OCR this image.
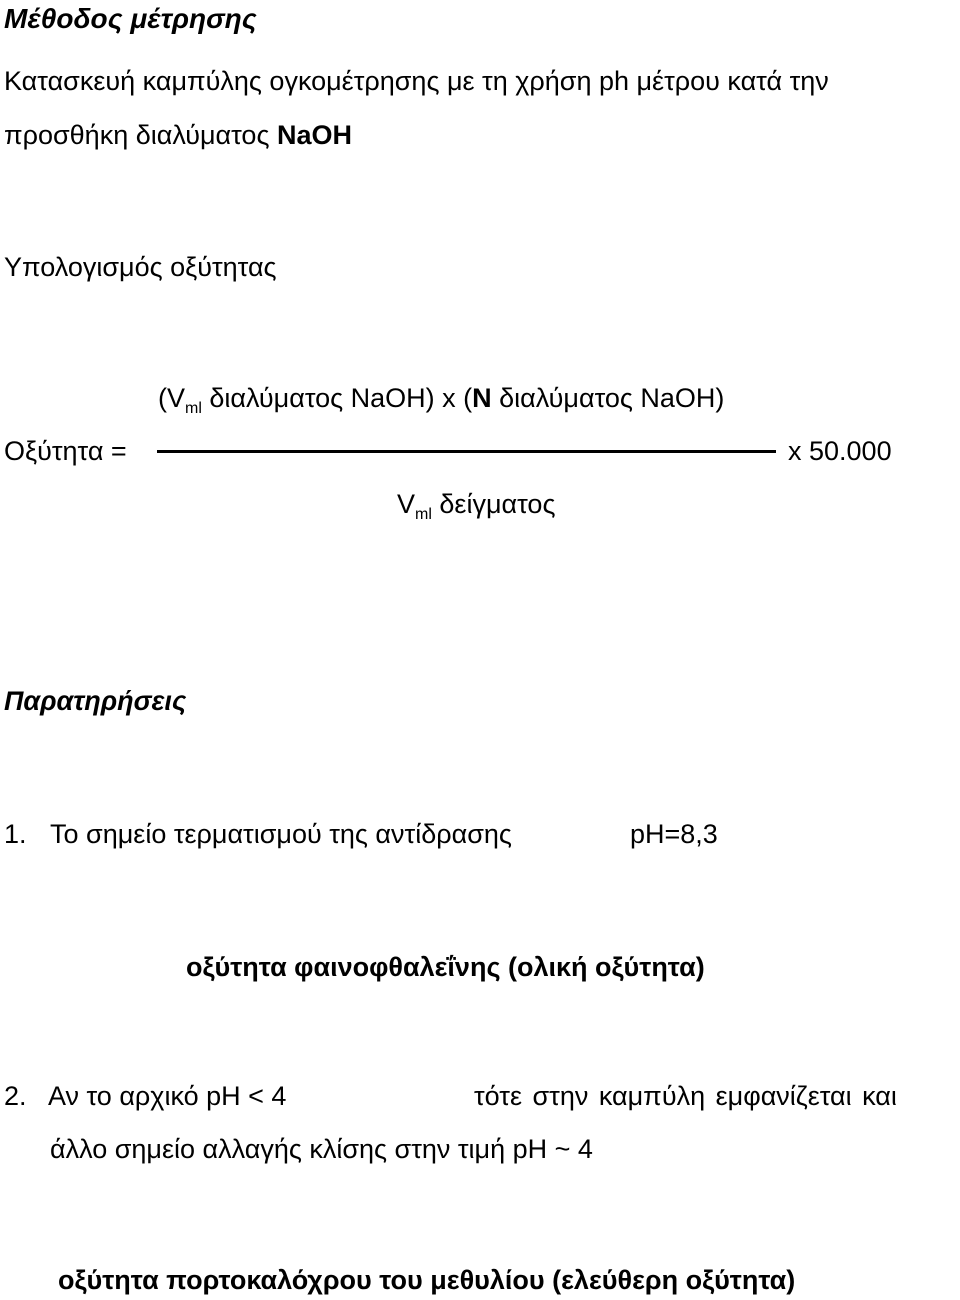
Μέθοδος μέτρησης
Κατασκευή καμπύλης ογκομέτρησης με τη χρήση ph μέτρου κατά την
προσθήκη διαλύματος NaOH
Υπολογισμός οξύτητας
($V_{ml}$ διαλύματος NaOH) x (N διαλύματος NaOH)
Οξύτητα =	x 50.000
$V_{ml}$ δείγματος
Παρατηρήσεις
1. Το σημείο τερματισμού της αντίδρασης	pH=8,3
οξύτητα φαινοφθαλεΐνης (ολική οξύτητα)
2. Αν το αρχικό pH < 4	τότε στην καμπύλη εμφανίζεται και
άλλο σημείο αλλαγής κλίσης στην τιμή pH ~ 4
οξύτητα πορτοκαλόχρου του μεθυλίου (ελεύθερη οξύτητα)
